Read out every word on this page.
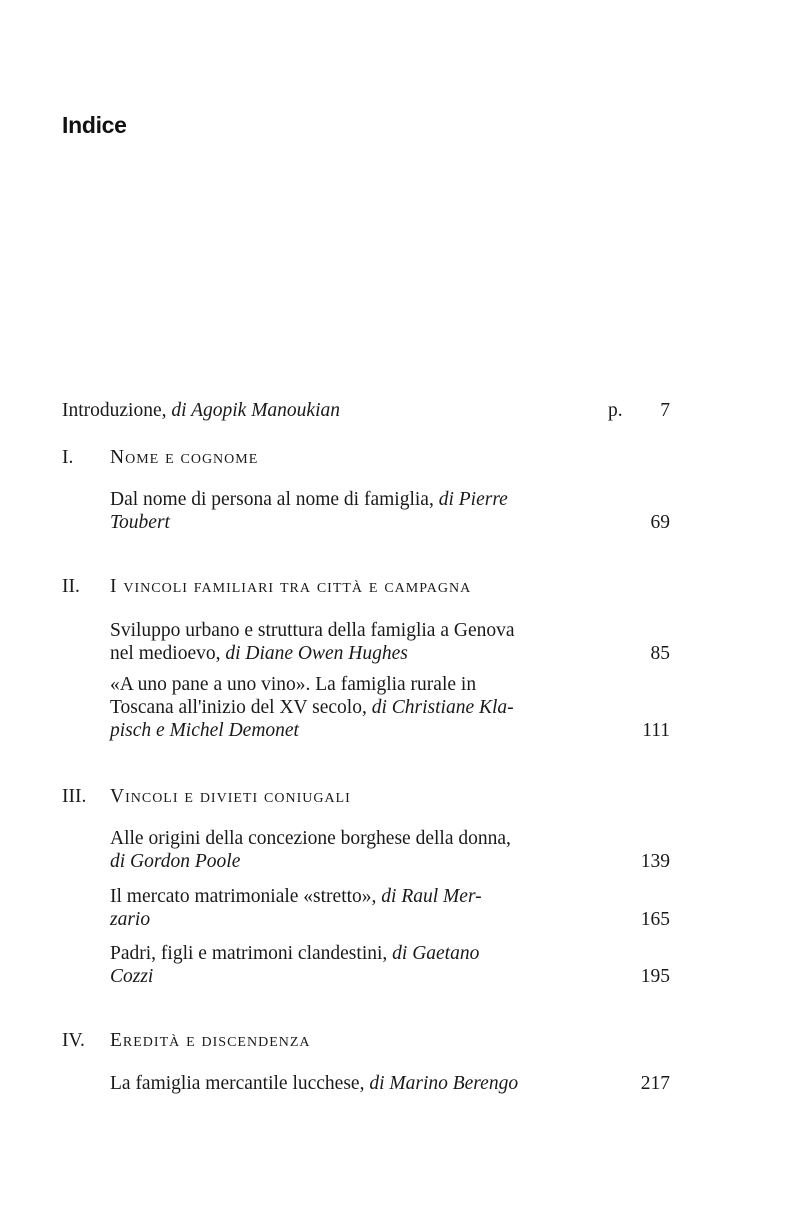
Indice
Introduzione, di Agopik Manoukian	p.	7
I. Nome e cognome
Dal nome di persona al nome di famiglia, di Pierre
Toubert	69
II. I vincoli familiari tra città e campagna
Sviluppo urbano e struttura della famiglia a Genova
nel medioevo, di Diane Owen Hughes	85
«A uno pane a uno vino». La famiglia rurale in
Toscana all'inizio del XV secolo, di Christiane Kla-
pisch e Michel Demonet	111
III. Vincoli e divieti coniugali
Alle origini della concezione borghese della donna,
di Gordon Poole	139
Il mercato matrimoniale «stretto», di Raul Mer-
zario	165
Padri, figli e matrimoni clandestini, di Gaetano
Cozzi	195
IV. Eredità e discendenza
La famiglia mercantile lucchese, di Marino Berengo	217
